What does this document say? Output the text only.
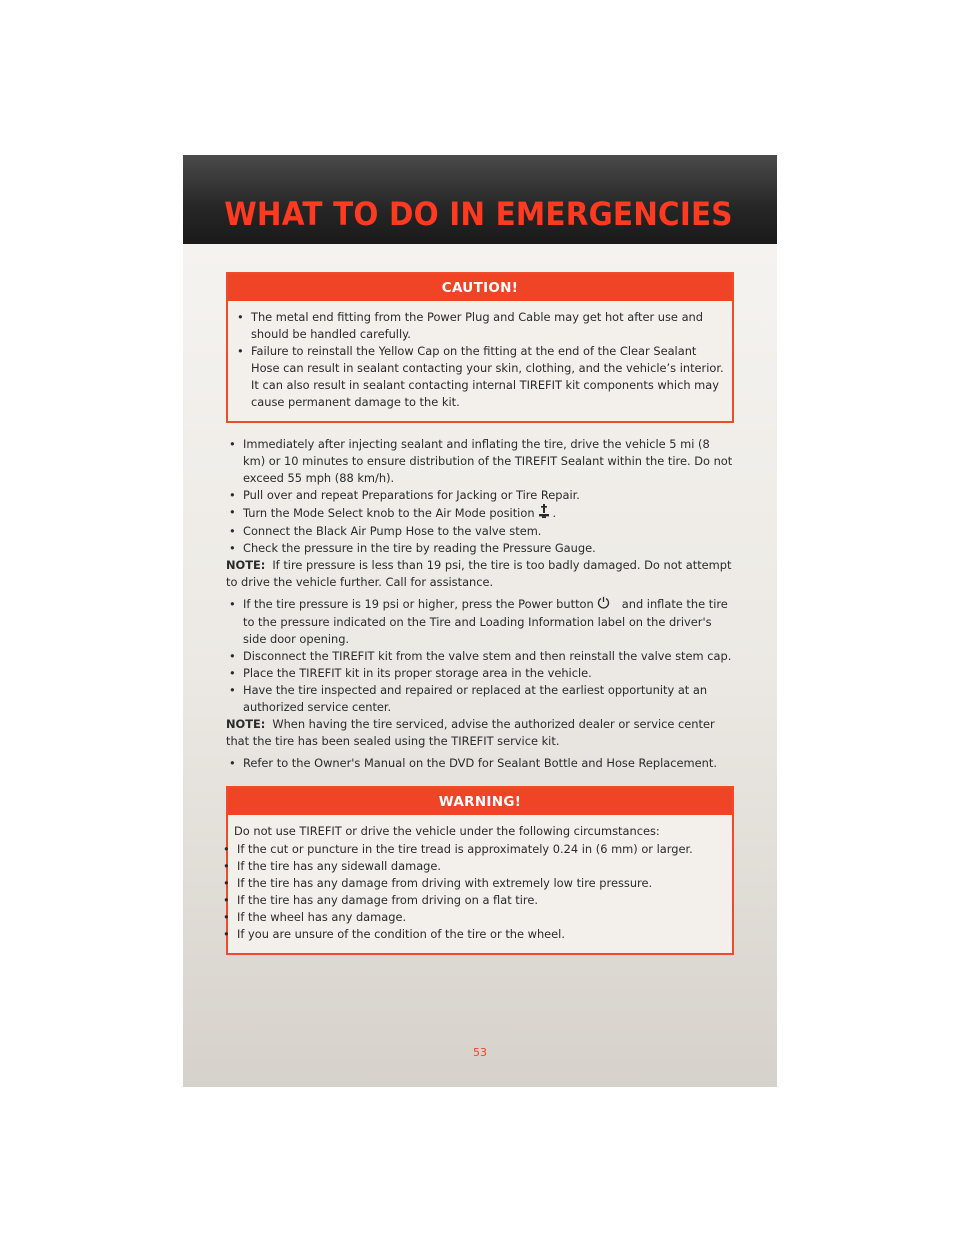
WHAT TO DO IN EMERGENCIES
CAUTION!
• The metal end fitting from the Power Plug and Cable may get hot after use and should be handled carefully.
• Failure to reinstall the Yellow Cap on the fitting at the end of the Clear Sealant Hose can result in sealant contacting your skin, clothing, and the vehicle’s interior. It can also result in sealant contacting internal TIREFIT kit components which may cause permanent damage to the kit.
• Immediately after injecting sealant and inflating the tire, drive the vehicle 5 mi (8 km) or 10 minutes to ensure distribution of the TIREFIT Sealant within the tire. Do not exceed 55 mph (88 km/h).
• Pull over and repeat Preparations for Jacking or Tire Repair.
• Turn the Mode Select knob to the Air Mode position .
• Connect the Black Air Pump Hose to the valve stem.
• Check the pressure in the tire by reading the Pressure Gauge.
NOTE: If tire pressure is less than 19 psi, the tire is too badly damaged. Do not attempt to drive the vehicle further. Call for assistance.
• If the tire pressure is 19 psi or higher, press the Power button and inflate the tire to the pressure indicated on the Tire and Loading Information label on the driver's side door opening.
• Disconnect the TIREFIT kit from the valve stem and then reinstall the valve stem cap.
• Place the TIREFIT kit in its proper storage area in the vehicle.
• Have the tire inspected and repaired or replaced at the earliest opportunity at an authorized service center.
NOTE: When having the tire serviced, advise the authorized dealer or service center that the tire has been sealed using the TIREFIT service kit.
• Refer to the Owner's Manual on the DVD for Sealant Bottle and Hose Replacement.
WARNING!
Do not use TIREFIT or drive the vehicle under the following circumstances:
• If the cut or puncture in the tire tread is approximately 0.24 in (6 mm) or larger.
• If the tire has any sidewall damage.
• If the tire has any damage from driving with extremely low tire pressure.
• If the tire has any damage from driving on a flat tire.
• If the wheel has any damage.
• If you are unsure of the condition of the tire or the wheel.
53
